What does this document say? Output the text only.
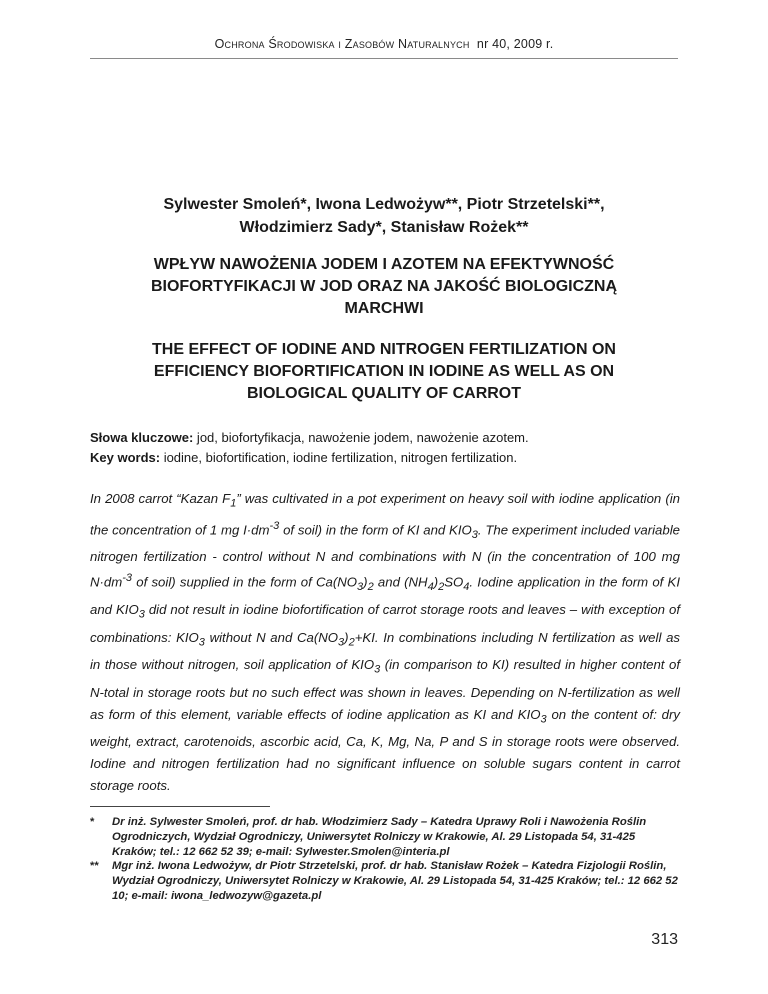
Ochrona Środowiska i Zasobów Naturalnych nr 40, 2009 r.
Sylwester Smoleń*, Iwona Ledwożyw**, Piotr Strzetelski**,
Włodzimierz Sady*, Stanisław Rożek**
WPŁYW NAWOŻENIA JODEM I AZOTEM NA EFEKTYWNOŚĆ
BIOFORTYFIKACJI W JOD ORAZ NA JAKOŚĆ BIOLOGICZNĄ
MARCHWI
THE EFFECT OF IODINE AND NITROGEN FERTILIZATION ON
EFFICIENCY BIOFORTIFICATION IN IODINE AS WELL AS ON
BIOLOGICAL QUALITY OF CARROT
Słowa kluczowe: jod, biofortyfikacja, nawożenie jodem, nawożenie azotem.
Key words: iodine, biofortification, iodine fertilization, nitrogen fertilization.
In 2008 carrot “Kazan $F_1$” was cultivated in a pot experiment on heavy soil with iodine application (in the concentration of 1 mg $I\cdot dm^{-3}$ of soil) in the form of KI and $KIO_3$. The experiment included variable nitrogen fertilization - control without N and combinations with N (in the concentration of 100 mg $N\cdot dm^{-3}$ of soil) supplied in the form of $Ca(NO_3)_2$ and $(NH_4)_2SO_4$. Iodine application in the form of KI and $KIO_3$ did not result in iodine biofortification of carrot storage roots and leaves – with exception of combinations: $KIO_3$ without N and $Ca(NO_3)_2+KI$. In combinations including N fertilization as well as in those without nitrogen, soil application of $KIO_3$ (in comparison to KI) resulted in higher content of N-total in storage roots but no such effect was shown in leaves. Depending on N-fertilization as well as form of this element, variable effects of iodine application as KI and $KIO_3$ on the content of: dry weight, extract, carotenoids, ascorbic acid, Ca, K, Mg, Na, P and S in storage roots were observed. Iodine and nitrogen fertilization had no significant influence on soluble sugars content in carrot storage roots.
* Dr inż. Sylwester Smoleń, prof. dr hab. Włodzimierz Sady – Katedra Uprawy Roli i Nawożenia Roślin Ogrodniczych, Wydział Ogrodniczy, Uniwersytet Rolniczy w Krakowie, Al. 29 Listopada 54, 31-425 Kraków; tel.: 12 662 52 39; e-mail: Sylwester.Smolen@interia.pl
** Mgr inż. Iwona Ledwożyw, dr Piotr Strzetelski, prof. dr hab. Stanisław Rożek – Katedra Fizjologii Roślin, Wydział Ogrodniczy, Uniwersytet Rolniczy w Krakowie, Al. 29 Listopada 54, 31-425 Kraków; tel.: 12 662 52 10; e-mail: iwona_ledwozyw@gazeta.pl
313
